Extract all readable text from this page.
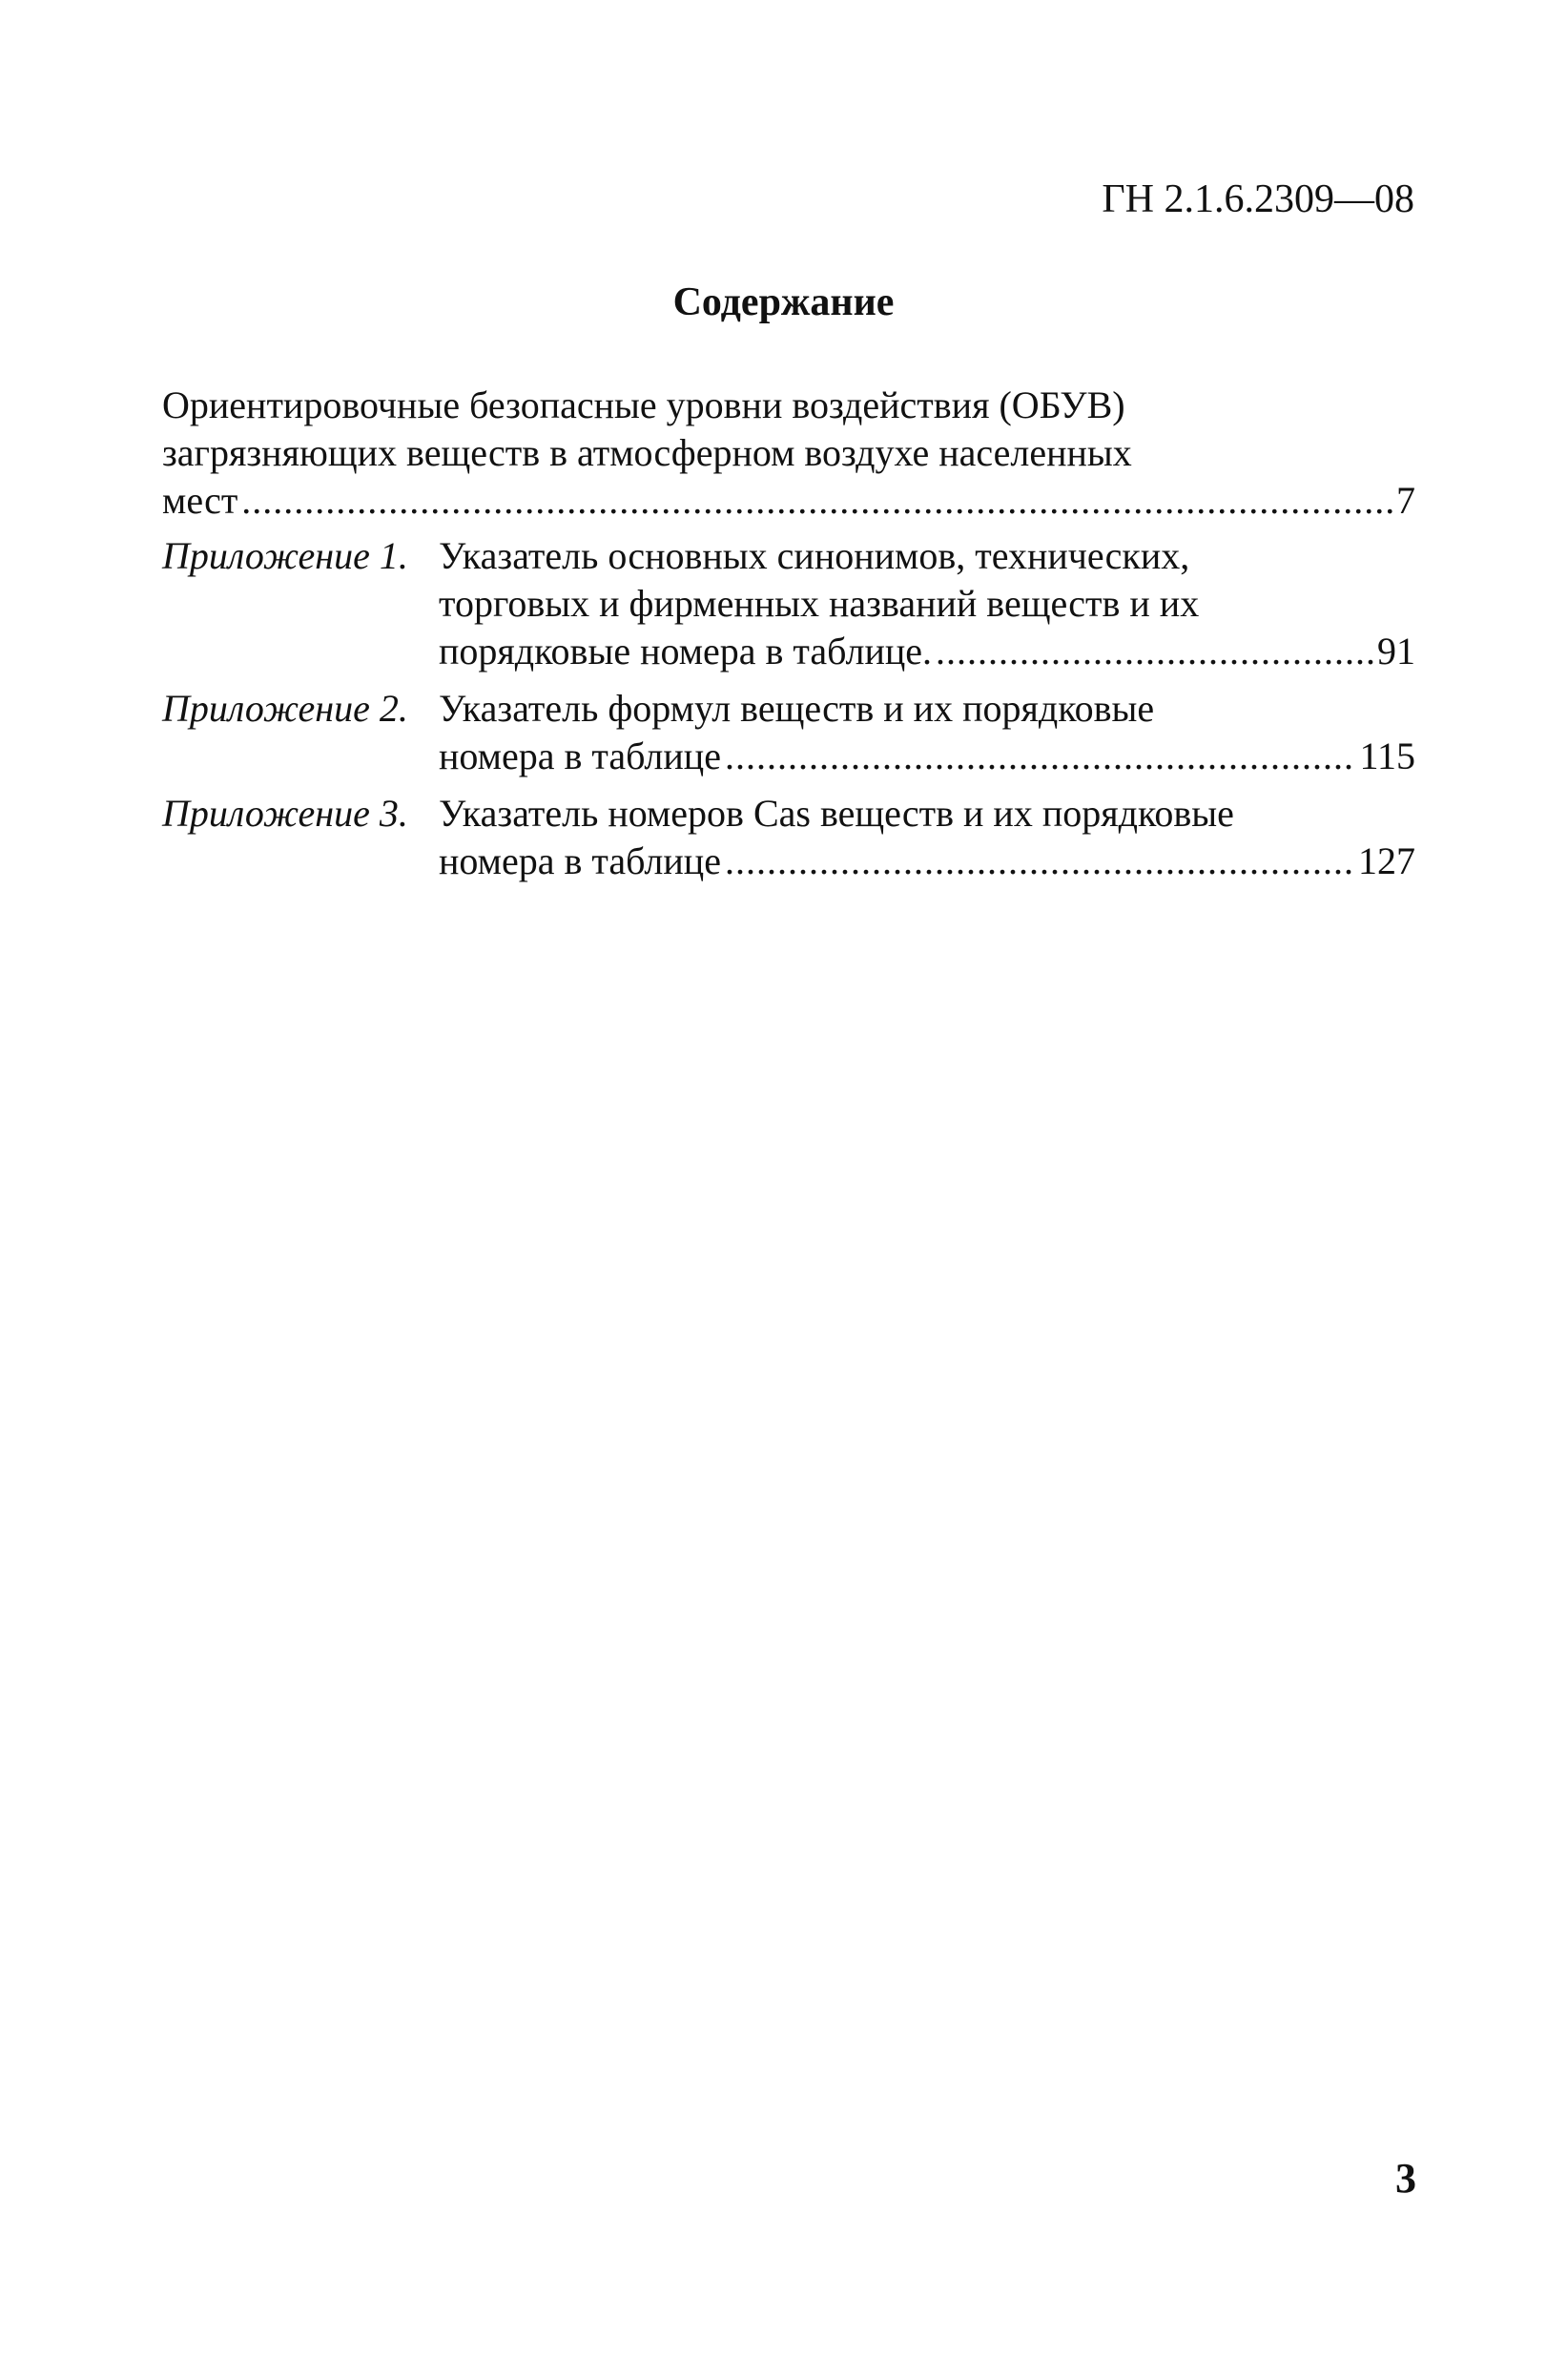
ГН 2.1.6.2309—08
Содержание
Ориентировочные безопасные уровни воздействия (ОБУВ)
загрязняющих веществ в атмосферном воздухе населенных
мест .....	7
Приложение 1. Указатель основных синонимов, технических,
торговых и фирменных названий веществ и их
порядковые номера в таблице. .....	91
Приложение 2. Указатель формул веществ и их порядковые
номера в таблице .....	115
Приложение 3. Указатель номеров Cas веществ и их порядковые
номера в таблице .....	127
3
